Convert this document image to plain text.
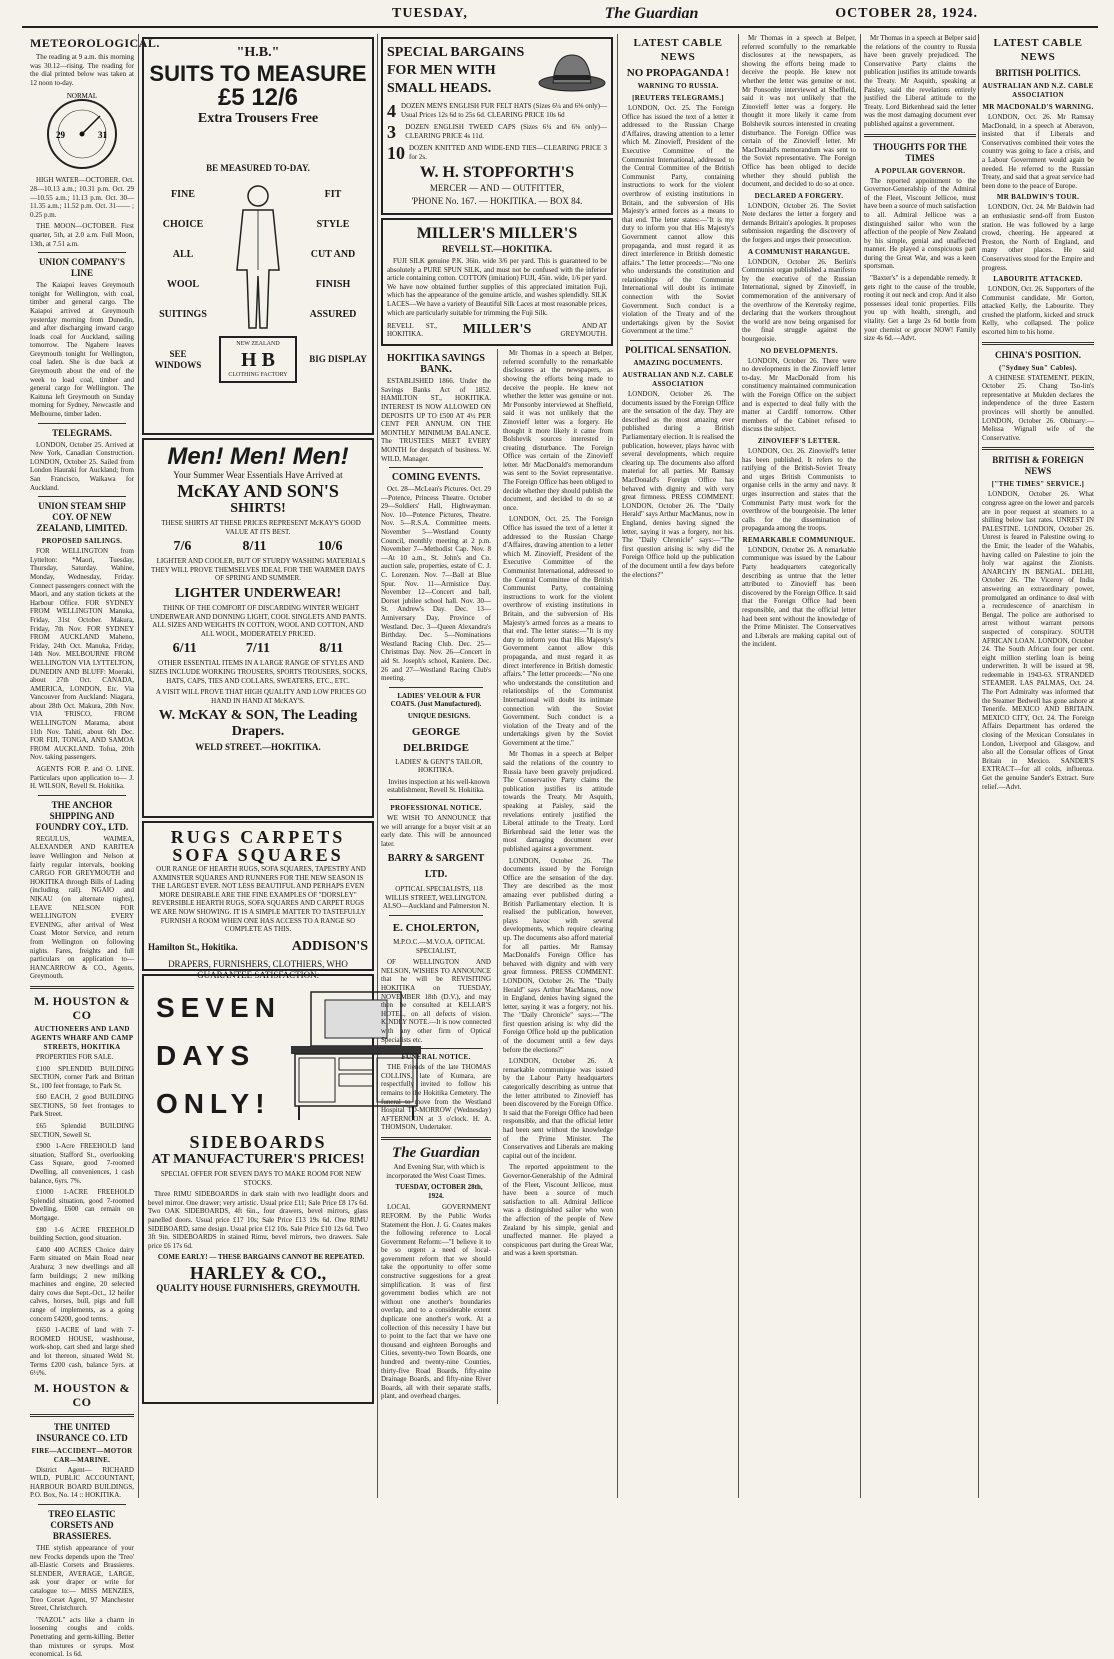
TUESDAY,	The Guardian	OCTOBER 28, 1924.
METEOROLOGICAL.

The reading at 9 a.m. this morning was 30.12—rising. The reading for the dial printed below was taken at 12 noon to-day.

NORMAL
29	31

HIGH WATER—OCTOBER. Oct. 28—10.13 a.m.; 10.31 p.m. Oct. 29—10.55 a.m.; 11.13 p.m. Oct. 30—11.35 a.m.; 11.52 p.m. Oct. 31—— ; 0.25 p.m.

THE MOON—OCTOBER. First quarter, 5th, at 2.0 a.m. Full Moon, 13th, at 7.51 a.m.

UNION COMPANY'S LINE

The Kaiapoi leaves Greymouth tonight for Wellington, with coal, timber and general cargo. The Kaiapoi arrived at Greymouth yesterday morning from Dunedin, and after discharging inward cargo loads coal for Auckland, sailing tomorrow. The Ngahere leaves Greymouth tonight for Wellington, coal laden. She is due back at Greymouth about the end of the week to load coal, timber and general cargo for Wellington. The Kaituna left Greymouth on Sunday morning for Sydney, Newcastle and Melbourne, timber laden.

TELEGRAMS.

LONDON, October 25. Arrived at New York, Canadian Construction. LONDON, October 25. Sailed from London Hauraki for Auckland; from San Francisco, Waikawa for Auckland.

UNION STEAM SHIP COY. OF NEW ZEALAND, LIMITED.
PROPOSED SAILINGS.

FOR WELLINGTON from Lyttelton: *Maori, Tuesday, Thursday, Saturday. Wahine, Monday, Wednesday, Friday. Connect passengers connect with the Maori, and any station tickets at the Harbour Office. FOR SYDNEY FROM WELLINGTON Manuka, Friday, 31st October. Makura, Friday, 7th Nov. FOR SYDNEY FROM AUCKLAND Maheno, Friday, 24th Oct. Manuka, Friday, 14th Nov. MELBOURNE FROM WELLINGTON VIA LYTTELTON, DUNEDIN AND BLUFF: Moeraki, about 27th Oct. CANADA, AMERICA, LONDON, Etc. Via Vancouver from Auckland: Niagara, about 28th Oct. Makura, 20th Nov. VIA 'FRISCO, FROM WELLINGTON Marama, about 11th Nov. Tahiti, about 6th Dec. FOR FIJI, TONGA, AND SAMOA FROM AUCKLAND. Tofua, 20th Nov. taking passengers.

AGENTS FOR P. and O. LINE. Particulars upon application to— J. H. WILSON, Revell St. Hokitika.

THE ANCHOR SHIPPING AND FOUNDRY COY., LTD.

REGULUS, WAIMEA, ALEXANDER AND KARITEA leave Wellington and Nelson at fairly regular intervals, booking CARGO FOR GREYMOUTH and HOKITIKA through Bills of Lading (including rail). NGAIO and NIKAU (on alternate nights), LEAVE NELSON FOR WELLINGTON EVERY EVENING, after arrival of West Coast Motor Service, and return from Wellington on following nights. Fares, freights and full particulars on application to— HANCARROW & CO., Agents, Greymouth.

M. HOUSTON & CO
AUCTIONEERS AND LAND AGENTS WHARF AND CAMP STREETS, HOKITIKA

PROPERTIES FOR SALE.

£100 SPLENDID BUILDING SECTION, corner Park and Brittan St., 100 feet frontage, to Park St.

£60 EACH, 2 good BUILDING SECTIONS, 50 feet frontages to Park Street.

£65 Splendid BUILDING SECTION, Sewell St.

£900 1-Acre FREEHOLD land situation, Stafford St., overlooking Cass Square, good 7-roomed Dwelling, all conveniences, 1 cash balance, 6yrs. 7%.

£1000 1-ACRE FREEHOLD Splendid situation, good 7-roomed Dwelling, £600 can remain on Mortgage.

£80 1-6 ACRE FREEHOLD building Section, good situation.

£400 400 ACRES Choice dairy Farm situated on Main Road near Arahura; 3 new dwellings and all farm buildings; 2 new milking machines and engine, 20 selected dairy cows due Sept.-Oct., 12 heifer calves, horses, bull, pigs and full range of implements, as a going concern £4200, good terms.

£650 1-ACRE of land with 7-ROOMED HOUSE, washhouse, work-shop, cart shed and large shed and lot thereon, situated Weld St. Terms £200 cash, balance 5yrs. at 6½%.

M. HOUSTON & CO
THE UNITED INSURANCE CO. LTD
FIRE—ACCIDENT—MOTOR CAR—MARINE.

District Agent— RICHARD WILD, PUBLIC ACCOUNTANT, HARBOUR BOARD BUILDINGS, P.O. Box, No. 14 :: HOKITIKA.

TREO ELASTIC CORSETS AND BRASSIERES.

THE stylish appearance of your new Frocks depends upon the 'Treo' all-Elastic Corsets and Brassieres. SLENDER, AVERAGE, LARGE, ask your draper or write for catalogue to:— MISS MENZIES, Treo Corset Agent, 97 Manchester Street, Christchurch.

"NAZOL" acts like a charm in loosening coughs and colds. Penetrating and germ-killing. Better than mixtures or syrups. Most economical. 1s 6d.

"H.B."
SUITS TO MEASURE
£5 12/6
Extra Trousers Free
BE MEASURED TO-DAY.
FINE
CHOICE
ALL
WOOL
SUITINGS
FIT
STYLE
CUT AND
FINISH
ASSURED
SEE WINDOWS
NEW ZEALAND
H B
CLOTHING FACTORY
BIG DISPLAY
Men! Men! Men!
Your Summer Wear Essentials Have Arrived at
McKAY AND SON'S
SHIRTS!

THESE SHIRTS AT THESE PRICES REPRESENT McKAY'S GOOD VALUE AT ITS BEST.

7/6	8/11	10/6

LIGHTER AND COOLER, BUT OF STURDY WASHING MATERIALS THEY WILL PROVE THEMSELVES IDEAL FOR THE WARMER DAYS OF SPRING AND SUMMER.

LIGHTER UNDERWEAR!

THINK OF THE COMFORT OF DISCARDING WINTER WEIGHT UNDERWEAR AND DONNING LIGHT, COOL SINGLETS AND PANTS. ALL SIZES AND WEIGHTS IN COTTON, WOOL AND COTTON, AND ALL WOOL, MODERATELY PRICED.

6/11	7/11	8/11

OTHER ESSENTIAL ITEMS IN A LARGE RANGE OF STYLES AND SIZES INCLUDE WORKING TROUSERS, SPORTS TROUSERS, SOCKS, HATS, CAPS, TIES AND COLLARS, SWEATERS, ETC., ETC.

A VISIT WILL PROVE THAT HIGH QUALITY AND LOW PRICES GO HAND IN HAND AT McKAY'S.

W. McKAY & SON, The Leading Drapers.
WELD STREET.—HOKITIKA.
RUGS CARPETS
SOFA SQUARES

OUR RANGE OF HEARTH RUGS, SOFA SQUARES, TAPESTRY AND AXMINSTER SQUARES AND RUNNERS FOR THE NEW SEASON IS THE LARGEST EVER. NOT LESS BEAUTIFUL AND PERHAPS EVEN MORE DESIRABLE ARE THE FINE EXAMPLES OF "DORSLEY" REVERSIBLE HEARTH RUGS, SOFA SQUARES AND CARPET RUGS WE ARE NOW SHOWING. IT IS A SIMPLE MATTER TO TASTEFULLY FURNISH A ROOM WHEN ONE HAS ACCESS TO A RANGE SO COMPLETE AS THIS.

Hamilton St., Hokitika.	ADDISON'S
DRAPERS, FURNISHERS, CLOTHIERS, WHO GUARANTEE SATISFACTION.
SEVEN
DAYS
ONLY!
SIDEBOARDS
AT MANUFACTURER'S PRICES!

SPECIAL OFFER FOR SEVEN DAYS TO MAKE ROOM FOR NEW STOCKS.

Three RIMU SIDEBOARDS in dark stain with two leadlight doors and bevel mirror. One drawer; very artistic. Usual price £11; Sale Price £8 17s 6d. Two OAK SIDEBOARDS, 4ft 6in., four drawers, bevel mirrors, glass panelled doors. Usual price £17 10s; Sale Price £13 19s 6d. One RIMU SIDEBOARD, same design. Usual price £12 10s. Sale Price £10 12s 6d. Two 3ft 9in. SIDEBOARDS in stained Rimu, bevel mirrors, two drawers. Sale price £6 17s 6d.

COME EARLY! — THESE BARGAINS CANNOT BE REPEATED.

HARLEY & CO.,
QUALITY HOUSE FURNISHERS, GREYMOUTH.
SPECIAL BARGAINS
FOR MEN WITH
SMALL HEADS.
4 DOZEN MEN'S ENGLISH FUR FELT HATS (Sizes 6¼ and 6⅜ only)—Usual Prices 12s 6d to 25s 6d. CLEARING PRICE 10s 6d
3	DOZEN ENGLISH TWEED CAPS (Sizes 6¼ and 6⅜ only)—CLEARING PRICE 4s 11d.
10 DOZEN KNITTED AND WIDE-END TIES—CLEARING PRICE 3 for 2s.
W. H. STOPFORTH'S
MERCER — AND — OUTFITTER,
'PHONE No. 167. — HOKITIKA. — BOX 84.
MILLER'S MILLER'S
REVELL ST.—HOKITIKA.

FUJI SILK genuine P.K. 36in. wide 3/6 per yard. This is guaranteed to be absolutely a PURE SPUN SILK, and must not be confused with the inferior article containing cotton. COTTON (imitation) FUJI, 45in. wide, 1/6 per yard. We have now obtained further supplies of this appreciated imitation Fuji, which has the appearance of the genuine article, and washes splendidly. SILK LACES—We have a variety of Beautiful Silk Laces at most reasonable prices, which are particularly suitable for trimming the Fuji Silk.

REVELL ST., HOKITIKA.	MILLER'S	AND AT GREYMOUTH.
HOKITIKA SAVINGS BANK.

ESTABLISHED 1866. Under the Savings Banks Act of 1852. HAMILTON ST., HOKITIKA. INTEREST IS NOW ALLOWED ON DEPOSITS UP TO £500 AT 4½ PER CENT PER ANNUM. ON THE MONTHLY MINIMUM BALANCE. The TRUSTEES MEET EVERY MONTH for despatch of business. W. WILD, Manager.

COMING EVENTS.

Oct. 28—McLean's Pictures. Oct. 29—Potence, Princess Theatre. October 29—Soldiers' Hall, Highwayman. Nov. 10—Potence Pictures, Theatre. Nov. 5—R.S.A. Committee meets. November 5—Westland County Council, monthly meeting at 2 p.m. November 7—Methodist Cap. Nov. 8—At 10 a.m., St. John's and Co. auction sale, properties, estate of C. J. C. Lorenzen. Nov. 7—Ball at Blue Spur. Nov. 11—Armistice Day. November 12—Concert and ball, Dorset jubilee school hall. Nov. 30—St. Andrew's Day. Dec. 13—Anniversary Day, Province of Westland. Dec. 3—Queen Alexandra's Birthday. Dec. 5—Nominations Westland Racing Club. Dec. 25—Christmas Day. Nov. 26—Concert in aid St. Joseph's school, Kaniere. Dec. 26 and 27—Westland Racing Club's meeting.

LADIES' VELOUR & FUR COATS. (Just Manufactured).

UNIQUE DESIGNS.

GEORGE DELBRIDGE

LADIES' & GENT'S TAILOR, HOKITIKA.

Invites inspection at his well-known establishment, Revell St. Hokitika.

PROFESSIONAL NOTICE.

WE WISH TO ANNOUNCE that we will arrange for a buyer visit at an early date. This will be announced later.

BARRY & SARGENT LTD.

OPTICAL SPECIALISTS, 118 WILLIS STREET, WELLINGTON. ALSO—Auckland and Palmerston N.

E. CHOLERTON,

M.P.O.C.—M.V.O.A. OPTICAL SPECIALIST,

OF WELLINGTON AND NELSON, WISHES TO ANNOUNCE that he will be REVISITING HOKITIKA on TUESDAY, NOVEMBER 18th (D.V.), and may then be consulted at KELLAR'S HOTEL, on all defects of vision. KINDLY NOTE.—It is now connected with any other firm of Optical Specialists etc.

FUNERAL NOTICE.

THE Friends of the late THOMAS COLLINS, late of Kumara, are respectfully invited to follow his remains to the Hokitika Cemetery. The funeral to move from the Westland Hospital TO-MORROW (Wednesday) AFTERNOON at 3 o'clock. H. A. THOMSON, Undertaker.

The Guardian

And Evening Star, with which is incorporated the West Coast Times.

TUESDAY, OCTOBER 28th, 1924.

LOCAL GOVERNMENT REFORM. By the Public Works Statement the Hon. J. G. Coates makes the following reference to Local Government Reform:—"I believe it to be so urgent a need of local-government reform that we should take the opportunity to offer some constructive suggestions for a great simplification. It was of first government bodies which are not without one another's boundaries overlap, and to a considerable extent duplicate one another's work. At a collection of this necessity I have but to point to the fact that we have one thousand and eighteen Boroughs and Cities, seventy-two Town Boards, one hundred and twenty-nine Counties, thirty-five Road Boards, fifty-nine Drainage Boards, and fifty-nine River Boards, all with their separate staffs, plant, and overhead charges.

Mr Thomas in a speech at Belper, referred scornfully to the remarkable disclosures at the newspapers, as showing the efforts being made to deceive the people. He knew not whether the letter was genuine or not. Mr Ponsonby interviewed at Sheffield, said it was not unlikely that the Zinovieff letter was a forgery. He thought it more likely it came from Bolshevik sources interested in creating disturbance. The Foreign Office was certain of the Zinovieff letter. Mr MacDonald's memorandum was sent to the Soviet representative. The Foreign Office has been obliged to decide whether they should publish the document, and decided to do so at once.

LONDON, Oct. 25. The Foreign Office has issued the text of a letter it addressed to the Russian Charge d'Affaires, drawing attention to a letter which M. Zinovieff, President of the Executive Committee of the Communist International, addressed to the Central Committee of the British Communist Party, containing instructions to work for the violent overthrow of existing institutions in Britain, and the subversion of His Majesty's armed forces as a means to that end. The letter states:—"It is my duty to inform you that His Majesty's Government cannot allow this propaganda, and must regard it as direct interference in British domestic affairs." The letter proceeds:—"No one who understands the constitution and relationships of the Communist International will doubt its intimate connection with the Soviet Government. Such conduct is a violation of the Treaty and of the undertakings given by the Soviet Government at the time."

Mr Thomas in a speech at Belper said the relations of the country to Russia have been gravely prejudiced. The Conservative Party claims the publication justifies its attitude towards the Treaty. Mr Asquith, speaking at Paisley, said the revelations entirely justified the Liberal attitude to the Treaty. Lord Birkenhead said the letter was the most damaging document ever published against a government.

LONDON, October 26. The documents issued by the Foreign Office are the sensation of the day. They are described as the most amazing ever published during a British Parliamentary election. It is realised the publication, however, plays havoc with several developments, which require clearing up. The documents also afford material for all parties. Mr Ramsay MacDonald's Foreign Office has behaved with dignity and with very great firmness. PRESS COMMENT. LONDON, October 26. The "Daily Herald" says Arthur MacManus, now in England, denies having signed the letter, saying it was a forgery, not his. The "Daily Chronicle" says:—"The first question arising is: why did the Foreign Office hold up the publication of the document until a few days before the elections?"

LONDON, October 26. A remarkable communique was issued by the Labour Party headquarters categorically describing as untrue that the letter attributed to Zinovieff has been discovered by the Foreign Office. It said that the Foreign Office had been responsible, and that the official letter had been sent without the knowledge of the Prime Minister. The Conservatives and Liberals are making capital out of the incident.

The reported appointment to the Governor-Generalship of the Admiral of the Fleet, Viscount Jellicoe, must have been a source of much satisfaction to all. Admiral Jellicoe was a distinguished sailor who won the affection of the people of New Zealand by his simple, genial and unaffected manner. He played a conspicuous part during the Great War, and was a keen sportsman.

LATEST CABLE NEWS
NO PROPAGANDA !
WARNING TO RUSSIA.
[REUTERS TELEGRAMS.]

LONDON, Oct. 25. The Foreign Office has issued the text of a letter it addressed to the Russian Charge d'Affaires, drawing attention to a letter which M. Zinovieff, President of the Executive Committee of the Communist International, addressed to the Central Committee of the British Communist Party, containing instructions to work for the violent overthrow of existing institutions in Britain, and the subversion of His Majesty's armed forces as a means to that end. The letter states:—"It is my duty to inform you that His Majesty's Government cannot allow this propaganda, and must regard it as direct interference in British domestic affairs." The letter proceeds:—"No one who understands the constitution and relationships of the Communist International will doubt its intimate connection with the Soviet Government. Such conduct is a violation of the Treaty and of the undertakings given by the Soviet Government at the time."

POLITICAL SENSATION.
AMAZING DOCUMENTS.
AUSTRALIAN AND N.Z. CABLE ASSOCIATION

LONDON, October 26. The documents issued by the Foreign Office are the sensation of the day. They are described as the most amazing ever published during a British Parliamentary election. It is realised the publication, however, plays havoc with several developments, which require clearing up. The documents also afford material for all parties. Mr Ramsay MacDonald's Foreign Office has behaved with dignity and with very great firmness. PRESS COMMENT. LONDON, October 26. The "Daily Herald" says Arthur MacManus, now in England, denies having signed the letter, saying it was a forgery, not his. The "Daily Chronicle" says:—"The first question arising is: why did the Foreign Office hold up the publication of the document until a few days before the elections?"

Mr Thomas in a speech at Belper, referred scornfully to the remarkable disclosures at the newspapers, as showing the efforts being made to deceive the people. He knew not whether the letter was genuine or not. Mr Ponsonby interviewed at Sheffield, said it was not unlikely that the Zinovieff letter was a forgery. He thought it more likely it came from Bolshevik sources interested in creating disturbance. The Foreign Office was certain of the Zinovieff letter. Mr MacDonald's memorandum was sent to the Soviet representative. The Foreign Office has been obliged to decide whether they should publish the document, and decided to do so at once.

DECLARED A FORGERY.

LONDON, October 26. The Soviet Note declares the letter a forgery and demands Britain's apologies. It proposes submission regarding the discovery of the forgers and urges their prosecution.

A COMMUNIST HARANGUE.

LONDON, October 26. Berlin's Communist organ published a manifesto by the executive of the Russian International, signed by Zinovieff, in commemoration of the anniversary of the overthrow of the Kerensky regime, declaring that the workers throughout the world are now being organised for the final struggle against the bourgeoisie.

NO DEVELOPMENTS.

LONDON, October 26. There were no developments in the Zinovieff letter to-day. Mr MacDonald from his constituency maintained communication with the Foreign Office on the subject and is expected to deal fully with the matter at Cardiff tomorrow. Other members of the Cabinet refused to discuss the subject.

ZINOVIEFF'S LETTER.

LONDON, Oct. 26. Zinovieff's letter has been published. It refers to the ratifying of the British-Soviet Treaty and urges British Communists to organise cells in the army and navy. It urges insurrection and states that the Communist Party must work for the overthrow of the bourgeoisie. The letter calls for the dissemination of propaganda among the troops.

REMARKABLE COMMUNIQUE.

LONDON, October 26. A remarkable communique was issued by the Labour Party headquarters categorically describing as untrue that the letter attributed to Zinovieff has been discovered by the Foreign Office. It said that the Foreign Office had been responsible, and that the official letter had been sent without the knowledge of the Prime Minister. The Conservatives and Liberals are making capital out of the incident.

Mr Thomas in a speech at Belper said the relations of the country to Russia have been gravely prejudiced. The Conservative Party claims the publication justifies its attitude towards the Treaty. Mr Asquith, speaking at Paisley, said the revelations entirely justified the Liberal attitude to the Treaty. Lord Birkenhead said the letter was the most damaging document ever published against a government.

THOUGHTS FOR THE TIMES
A POPULAR GOVERNOR.

The reported appointment to the Governor-Generalship of the Admiral of the Fleet, Viscount Jellicoe, must have been a source of much satisfaction to all. Admiral Jellicoe was a distinguished sailor who won the affection of the people of New Zealand by his simple, genial and unaffected manner. He played a conspicuous part during the Great War, and was a keen sportsman.

"Baxter's" is a dependable remedy. It gets right to the cause of the trouble, rooting it out neck and crop. And it also possesses ideal tonic properties. Fills you up with health, strength, and vitality. Get a large 2s 6d bottle from your chemist or grocer NOW! Family size 4s 6d.—Advt.

LATEST CABLE NEWS
BRITISH POLITICS.
AUSTRALIAN AND N.Z. CABLE ASSOCIATION
MR MACDONALD'S WARNING.

LONDON, Oct. 26. Mr Ramsay MacDonald, in a speech at Aberavon, insisted that if Liberals and Conservatives combined their votes the country was going to face a crisis, and a Labour Government would again be needed. He referred to the Russian Treaty, and said that a great service had been done to the peace of Europe.

MR BALDWIN'S TOUR.

LONDON, Oct. 24. Mr Baldwin had an enthusiastic send-off from Euston station. He was followed by a large crowd, cheering. He appeared at Preston, the North of England, and many other places. He said Conservatives stood for the Empire and progress.

LABOURITE ATTACKED.

LONDON, Oct. 26. Supporters of the Communist candidate, Mr Gorton, attacked Kelly, the Labourite. They crushed the platform, kicked and struck Kelly, who collapsed. The police escorted him to his home.

CHINA'S POSITION.
("Sydney Sun" Cables).

A CHINESE STATEMENT. PEKIN, October 25. Chang Tso-lin's representative at Mukden declares the independence of the three Eastern provinces will shortly be annulled. LONDON, October 26. Obituary:—Melissa Wignall wife of the Conservative.

BRITISH & FOREIGN NEWS
["THE TIMES" SERVICE.]

LONDON, October 26. What congress agree on the lower and parcels are in poor request at steamers to a shilling below last rates. UNREST IN PALESTINE. LONDON, October 26. Unrest is feared in Palestine owing to the Emir, the leader of the Wahabis, having called on Palestine to join the holy war against the Zionists. ANARCHY IN BENGAL. DELHI, October 26. The Viceroy of India answering an extraordinary power, promulgated an ordinance to deal with a recrudescence of anarchism in Bengal. The police are authorised to arrest without warrant persons suspected of conspiracy. SOUTH AFRICAN LOAN. LONDON, October 24. The South African four per cent. eight million sterling loan is being underwritten. It will be issued at 98, redeemable in 1943-63. STRANDED STEAMER. LAS PALMAS, Oct. 24. The Port Admiralty was informed that the Steamer Bedwell has gone ashore at Tenerife. MEXICO AND BRITAIN. MEXICO CITY, Oct. 24. The Foreign Affairs Department has ordered the closing of the Mexican Consulates in London, Liverpool and Glasgow, and also all the Consular offices of Great Britain in Mexico. SANDER'S EXTRACT—for all colds, influenza. Get the genuine Sander's Extract. Sure relief.—Advt.
